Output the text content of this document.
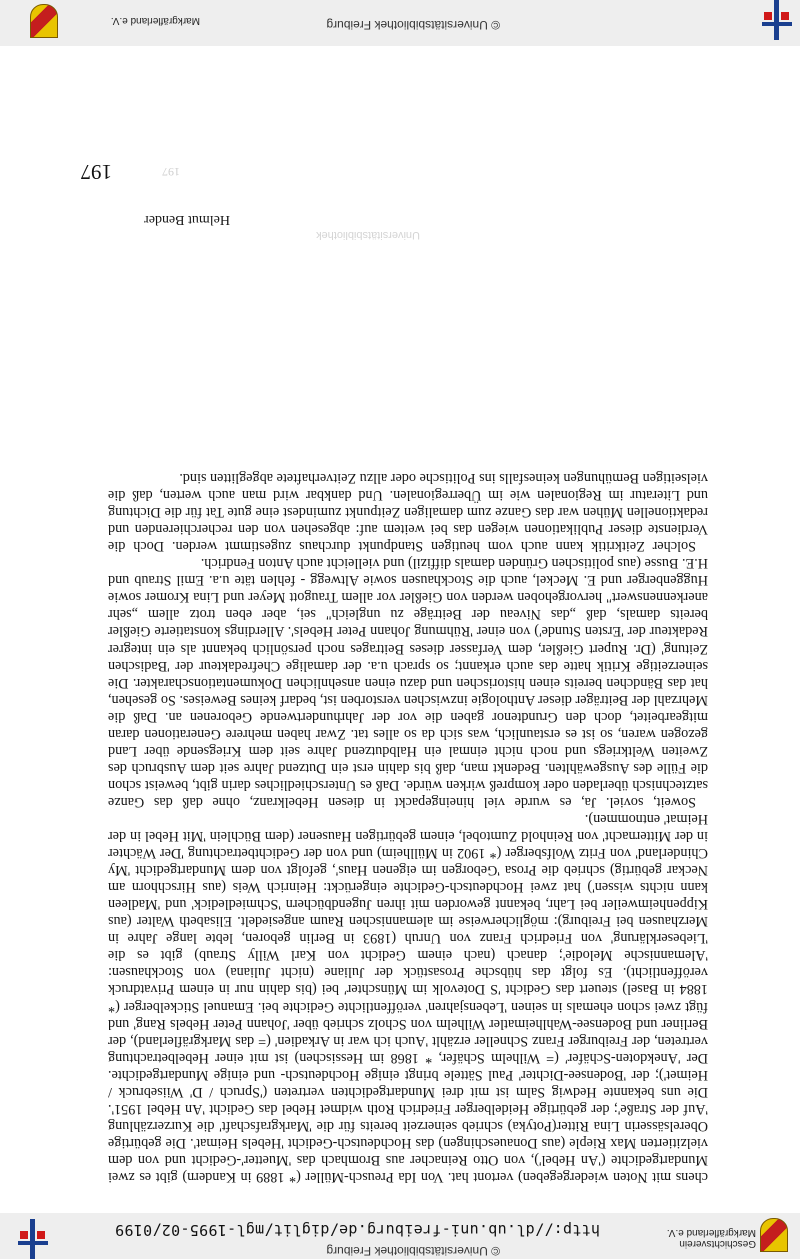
Geschichtsverein
Markgräflerland e.V.
© Universitätsbibliothek Freiburg
http://dl.ub.uni-freiburg.de/diglit/mgl-1995-02/0199
197
197
Universitätsbibliothek

chens mit Noten wiedergegeben) vertont hat. Von Ida Preusch-Müller (* 1889 in Kandern) gibt es zwei Mundartgedichte ('An Hebel'), von Otto Reinacher aus Bromhach das 'Muetter'-Gedicht und von dem vielzitierten Max Rieple (aus Donaueschingen) das Hochdeutsch-Gedicht 'Hebels Heimat'. Die gebürtige Oberelsässerin Lina Ritter(Potyka) schrieb seinerzeit bereits für die 'Markgrafschaft' die Kurzerzählung 'Auf der Straße'; der gebürtige Heidelberger Friedrich Roth widmet Hebel das Gedicht 'An Hebel 1951'. Die uns bekannte Hedwig Salm ist mit drei Mundartgedichten vertreten ('Spruch / D' Wiisebruck / Heimet'); der 'Bodensee-Dichter' Paul Sättele bringt einige Hochdeutsch- und einige Mundartgedichte. Der 'Anekdoten-Schäfer' (= Wilhelm Schäfer, * 1868 im Hessischen) ist mit einer Hebelbetrachtung vertreten, der Freiburger Franz Schneller erzählt 'Auch ich war in Arkadien' (= das Markgräflerland), der Berliner und Bodensee-Wahlheimatler Wilhelm von Scholz schrieb über 'Johann Peter Hebels Rang' und fügt zwei schon ehemals in seinen 'Lebensjahren' veröffentlichte Gedichte bei. Emanuel Stickelberger (* 1884 in Basel) steuert das Gedicht 'S Dotevolk im Münschter' bei (bis dahin nur in einem Privatdruck veröffentlicht). Es folgt das hübsche Prosastück der Juliane (nicht Juliana) von Stockhausen: 'Alemannische Melodie'; danach (nach einem Gedicht von Karl Willy Straub) gibt es die 'Liebeserklärung' von Friedrich Franz von Unruh (1893 in Berlin geboren, lebte lange Jahre in Merzhausen bei Freiburg): möglicherweise im alemannischen Raum angesiedelt. Elisabeth Walter (aus Kippenheimweiler bei Lahr, bekannt geworden mit ihren Jugendbüchern 'Schmiedledick' und 'Madleen kann nichts wissen') hat zwei Hochdeutsch-Gedichte eingerückt: Heinrich Weis (aus Hirschhorn am Neckar gebürtig) schrieb die Prosa 'Geborgen im eigenen Haus', gefolgt von dem Mundartgedicht 'My Chinderland' von Fritz Wolfsberger (* 1902 in Müllheim) und von der Gedichtbetrachtung 'Der Wächter in der Mitternacht' von Reinhold Zumtobel, einem gebürtigen Hausener (dem Büchlein 'Mit Hebel in der Heimat' entnommen).

Soweit, soviel. Ja, es wurde viel hineingepackt in diesen Hebelkranz, ohne daß das Ganze satztechnisch überladen oder kompreß wirken würde. Daß es Unterschiedliches darin gibt, beweist schon die Fülle des Ausgewählten. Bedenkt man, daß bis dahin erst ein Dutzend Jahre seit dem Ausbruch des Zweiten Weltkriegs und noch nicht einmal ein Halbdutzend Jahre seit dem Kriegsende über Land gezogen waren, so ist es erstaunlich, was sich da so alles tat. Zwar haben mehrere Generationen daran mitgearbeitet, doch den Grundtenor gaben die vor der Jahrhundertwende Geborenen an. Daß die Mehrzahl der Beiträger dieser Anthologie inzwischen verstorben ist, bedarf keines Beweises. So gesehen, hat das Bändchen bereits einen historischen und dazu einen ansehnlichen Dokumentationscharakter. Die seinerzeitige Kritik hatte das auch erkannt; so sprach u.a. der damalige Chefredakteur der 'Badischen Zeitung' (Dr. Rupert Gießler, dem Verfasser dieses Beitrages noch persönlich bekannt als ein integrer Redakteur der 'Ersten Stunde') von einer 'Rühmung Johann Peter Hebels'. Allerdings konstatierte Gießler bereits damals, daß „das Niveau der Beiträge zu ungleich" sei, aber eben trotz allem „sehr anerkennenswert" hervorgehoben werden von Gießler vor allem Traugott Meyer und Lina Kromer sowie Huggenberger und E. Meckel, auch die Stockhausen sowie Altwegg - fehlen täte u.a. Emil Straub und H.E. Busse (aus politischen Gründen damals diffizil) und vielleicht auch Anton Fendrich.

Solcher Zeitkritik kann auch vom heutigen Standpunkt durchaus zugestimmt werden. Doch die Verdienste dieser Publikationen wiegen das bei weitem auf: abgesehen von den recherchierenden und redaktionellen Mühen war das Ganze zum damaligen Zeitpunkt zumindest eine gute Tat für die Dichtung und Literatur im Regionalen wie im Überregionalen. Und dankbar wird man auch werten, daß die vielseitigen Bemühungen keinesfalls ins Politische oder allzu Zeitverhaftete abgeglitten sind.

Helmut Bender
© Universitätsbibliothek Freiburg
Markgräflerland e.V.
